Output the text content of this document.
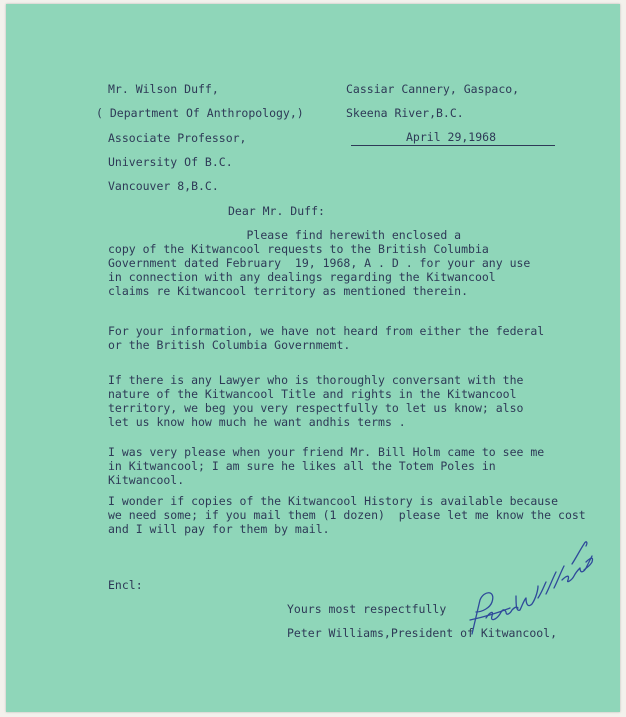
Mr. Wilson Duff,
( Department Of Anthropology,)
Associate Professor,
University Of B.C.
Vancouver 8,B.C.
Cassiar Cannery, Gaspaco,
Skeena River,B.C.
April 29,1968
Dear Mr. Duff:
Please find herewith enclosed a
copy of the Kitwancool requests to the British Columbia
Government dated February  19, 1968, A . D . for your any use
in connection with any dealings regarding the Kitwancool
claims re Kitwancool territory as mentioned therein.
For your information, we have not heard from either the federal
or the British Columbia Governmemt.
If there is any Lawyer who is thoroughly conversant with the
nature of the Kitwancool Title and rights in the Kitwancool
territory, we beg you very respectfully to let us know; also
let us know how much he want andhis terms .
I was very please when your friend Mr. Bill Holm came to see me
in Kitwancool; I am sure he likes all the Totem Poles in
Kitwancool.
I wonder if copies of the Kitwancool History is available because
we need some; if you mail them (1 dozen)  please let me know the cost
and I will pay for them by mail.
Encl:
Yours most respectfully
Peter Williams,President of Kitwancool,
